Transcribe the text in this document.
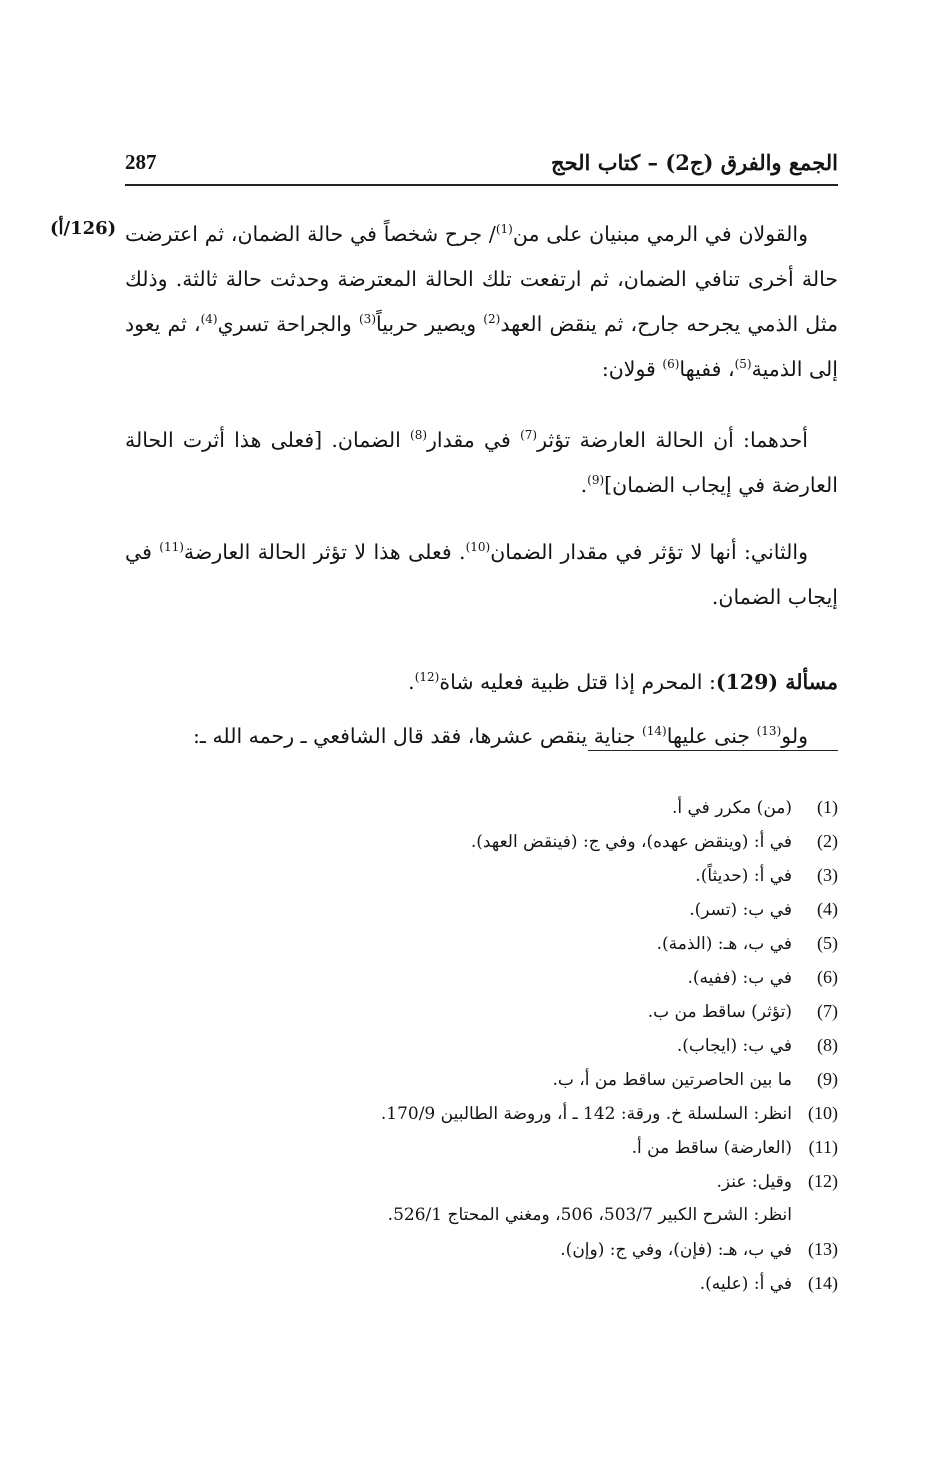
الجمع والفرق (ج2) – كتاب الحج
287
(126/أ)	والقولان في الرمي مبنيان على من$^{(1)}$/ جرح شخصاً في حالة الضمان، ثم اعترضت حالة أخرى تنافي الضمان، ثم ارتفعت تلك الحالة المعترضة وحدثت حالة ثالثة. وذلك مثل الذمي يجرحه جارح، ثم ينقض العهد$^{(2)}$ ويصير حربياً$^{(3)}$ والجراحة تسري$^{(4)}$، ثم يعود إلى الذمية$^{(5)}$، ففيها$^{(6)}$ قولان:

أحدهما: أن الحالة العارضة تؤثر$^{(7)}$ في مقدار$^{(8)}$ الضمان. [فعلى هذا أثرت الحالة العارضة في إيجاب الضمان]$^{(9)}$.

والثاني: أنها لا تؤثر في مقدار الضمان$^{(10)}$. فعلى هذا لا تؤثر الحالة العارضة$^{(11)}$ في إيجاب الضمان.

مسألة (129): المحرم إذا قتل ظبية فعليه شاة$^{(12)}$.

ولو$^{(13)}$ جنى عليها$^{(14)}$ جناية ينقص عشرها، فقد قال الشافعي ـ رحمه الله ـ:

(1)(من) مكرر في أ.
(2)في أ: (وينقض عهده)، وفي ج: (فينقض العهد).
(3)في أ: (حديثاً).
(4)في ب: (تسر).
(5)في ب، هـ: (الذمة).
(6)في ب: (ففيه).
(7)(تؤثر) ساقط من ب.
(8)في ب: (ايجاب).
(9)ما بين الحاصرتين ساقط من أ، ب.
(10)انظر: السلسلة خ. ورقة: 142 ـ أ، وروضة الطالبين 170/9.
(11)(العارضة) ساقط من أ.
(12)وقيل: عنز.
انظر: الشرح الكبير 503/7، 506، ومغني المحتاج 526/1.
(13)في ب، هـ: (فإن)، وفي ج: (وإن).
(14)في أ: (عليه).
